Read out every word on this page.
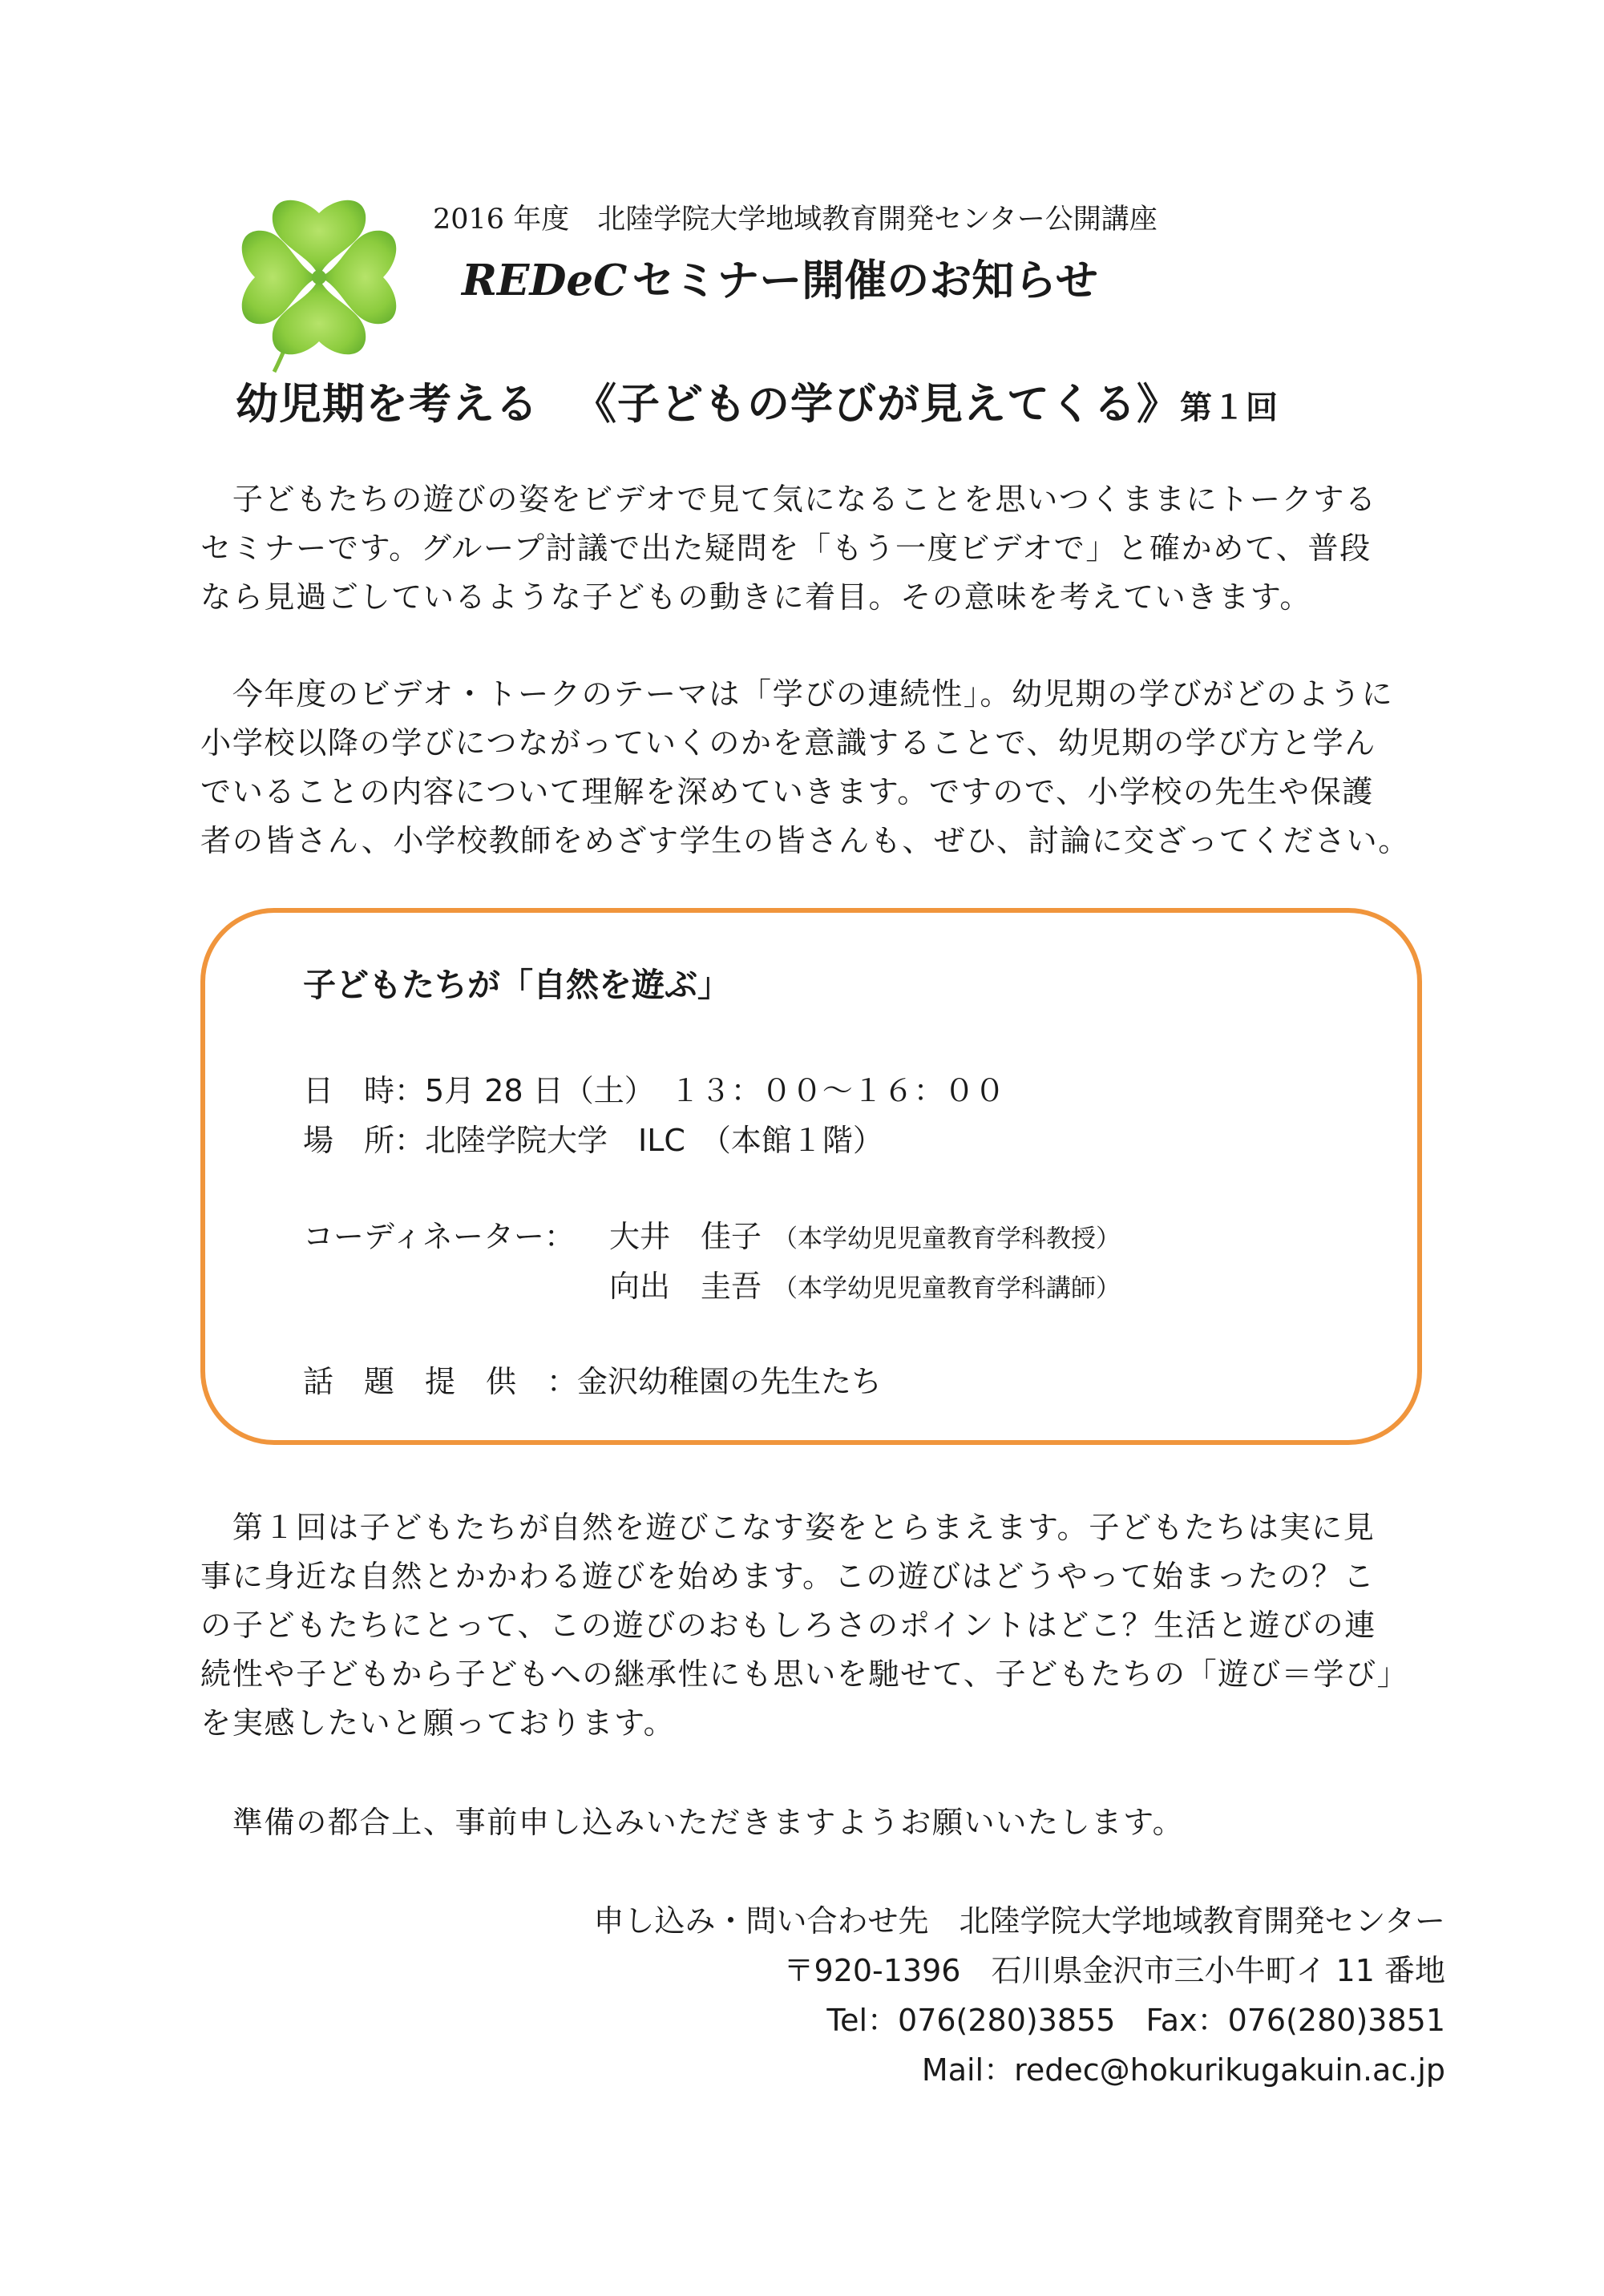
2016 年度　北陸学院大学地域教育開発センター公開講座
REDeC セミナー開催のお知らせ
幼児期を考える 《子どもの学びが見えてくる》第１回
　子どもたちの遊びの姿をビデオで見て気になることを思いつくままにトークする
セミナーです。グループ討議で出た疑問を「もう一度ビデオで」と確かめて、普段
なら見過ごしているような子どもの動きに着目。その意味を考えていきます。
　今年度のビデオ・トークのテーマは「学びの連続性」。幼児期の学びがどのように
小学校以降の学びにつながっていくのかを意識することで、幼児期の学び方と学ん
でいることの内容について理解を深めていきます。ですので、小学校の先生や保護
者の皆さん、小学校教師をめざす学生の皆さんも、ぜひ、討論に交ざってください。
子どもたちが「自然を遊ぶ」
日　時：5月 28 日（土）　１３：００～１６：００
場　所：北陸学院大学　ILC　（本館１階）
コーディネーター： 大井　佳子 （本学幼児児童教育学科教授）
向出　圭吾 （本学幼児児童教育学科講師）
話　題　提　供　：金沢幼稚園の先生たち
　第１回は子どもたちが自然を遊びこなす姿をとらまえます。子どもたちは実に見
事に身近な自然とかかわる遊びを始めます。この遊びはどうやって始まったの？こ
の子どもたちにとって、この遊びのおもしろさのポイントはどこ？生活と遊びの連
続性や子どもから子どもへの継承性にも思いを馳せて、子どもたちの「遊び＝学び」
を実感したいと願っております。
　準備の都合上、事前申し込みいただきますようお願いいたします。
申し込み・問い合わせ先　北陸学院大学地域教育開発センター
〒920-1396　石川県金沢市三小牛町イ 11 番地
Tel：076(280)3855　Fax：076(280)3851
Mail：redec@hokurikugakuin.ac.jp
